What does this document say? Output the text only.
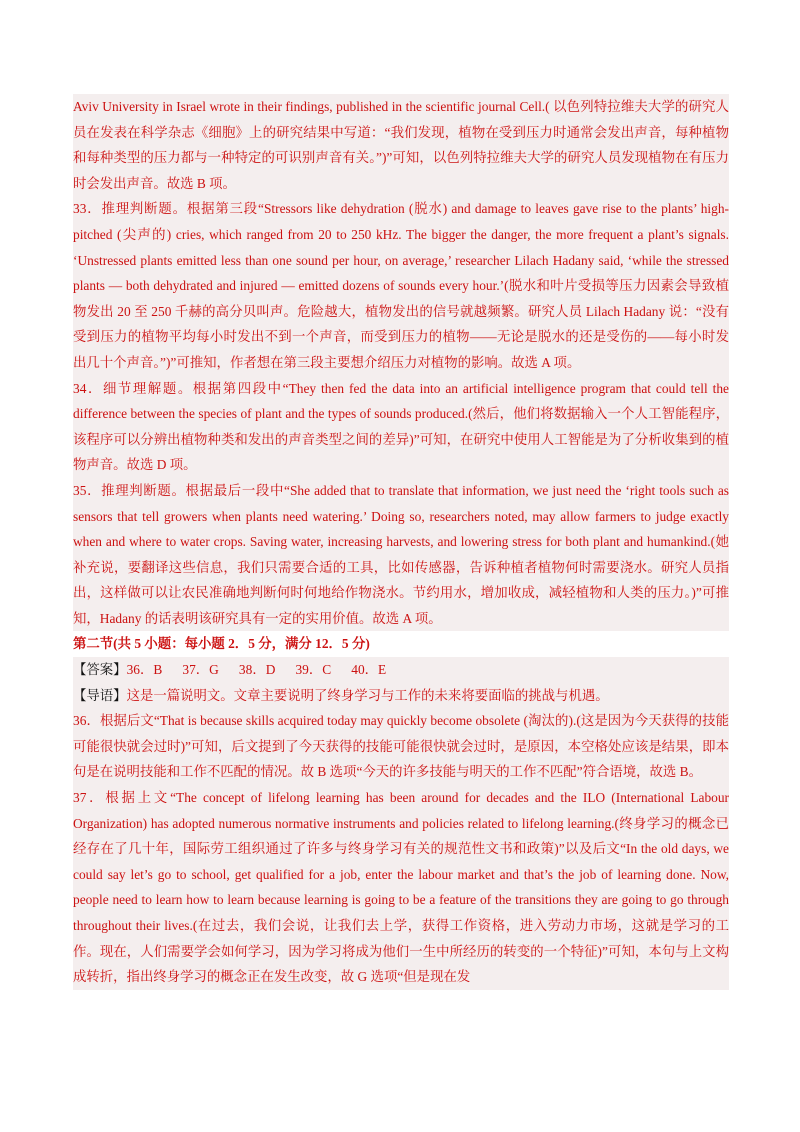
Aviv University in Israel wrote in their findings, published in the scientific journal Cell.( 以色列特拉维夫大学的研究人员在发表在科学杂志《细胞》上的研究结果中写道：“我们发现，植物在受到压力时通常会发出声音，每种植物和每种类型的压力都与一种特定的可识别声音有关。”)”可知，以色列特拉维夫大学的研究人员发现植物在有压力时会发出声音。故选 B 项。

33．推理判断题。根据第三段“Stressors like dehydration (脱水) and damage to leaves gave rise to the plants’ high-pitched (尖声的) cries, which ranged from 20 to 250 kHz. The bigger the danger, the more frequent a plant’s signals. ‘Unstressed plants emitted less than one sound per hour, on average,’ researcher Lilach Hadany said, ‘while the stressed plants — both dehydrated and injured — emitted dozens of sounds every hour.’(脱水和叶片受损等压力因素会导致植物发出 20 至 250 千赫的高分贝叫声。危险越大，植物发出的信号就越频繁。研究人员 Lilach Hadany 说：“没有受到压力的植物平均每小时发出不到一个声音，而受到压力的植物——无论是脱水的还是受伤的——每小时发出几十个声音。”)”可推知，作者想在第三段主要想介绍压力对植物的影响。故选 A 项。

34．细节理解题。根据第四段中“They then fed the data into an artificial intelligence program that could tell the difference between the species of plant and the types of sounds produced.(然后，他们将数据输入一个人工智能程序，该程序可以分辨出植物种类和发出的声音类型之间的差异)”可知，在研究中使用人工智能是为了分析收集到的植物声音。故选 D 项。

35．推理判断题。根据最后一段中“She added that to translate that information, we just need the ‘right tools such as sensors that tell growers when plants need watering.’ Doing so, researchers noted, may allow farmers to judge exactly when and where to water crops. Saving water, increasing harvests, and lowering stress for both plant and humankind.(她补充说，要翻译这些信息，我们只需要合适的工具，比如传感器，告诉种植者植物何时需要浇水。研究人员指出，这样做可以让农民准确地判断何时何地给作物浇水。节约用水，增加收成，减轻植物和人类的压力。)”可推知，Hadany 的话表明该研究具有一定的实用价值。故选 A 项。

第二节(共 5 小题：每小题 2．5 分，满分 12．5 分)

【答案】36．B 37．G 38．D 39．C 40．E

【导语】这是一篇说明文。文章主要说明了终身学习与工作的未来将要面临的挑战与机遇。

36．根据后文“That is because skills acquired today may quickly become obsolete (淘汰的).(这是因为今天获得的技能可能很快就会过时)”可知，后文提到了今天获得的技能可能很快就会过时，是原因，本空格处应该是结果，即本句是在说明技能和工作不匹配的情况。故 B 选项“今天的许多技能与明天的工作不匹配”符合语境，故选 B。

37．根据上文“The concept of lifelong learning has been around for decades and the ILO (International Labour Organization) has adopted numerous normative instruments and policies related to lifelong learning.(终身学习的概念已经存在了几十年，国际劳工组织通过了许多与终身学习有关的规范性文书和政策)”以及后文“In the old days, we could say let’s go to school, get qualified for a job, enter the labour market and that’s the job of learning done. Now, people need to learn how to learn because learning is going to be a feature of the transitions they are going to go through throughout their lives.(在过去，我们会说，让我们去上学，获得工作资格，进入劳动力市场，这就是学习的工作。现在，人们需要学会如何学习，因为学习将成为他们一生中所经历的转变的一个特征)”可知，本句与上文构成转折，指出终身学习的概念正在发生改变，故 G 选项“但是现在发
